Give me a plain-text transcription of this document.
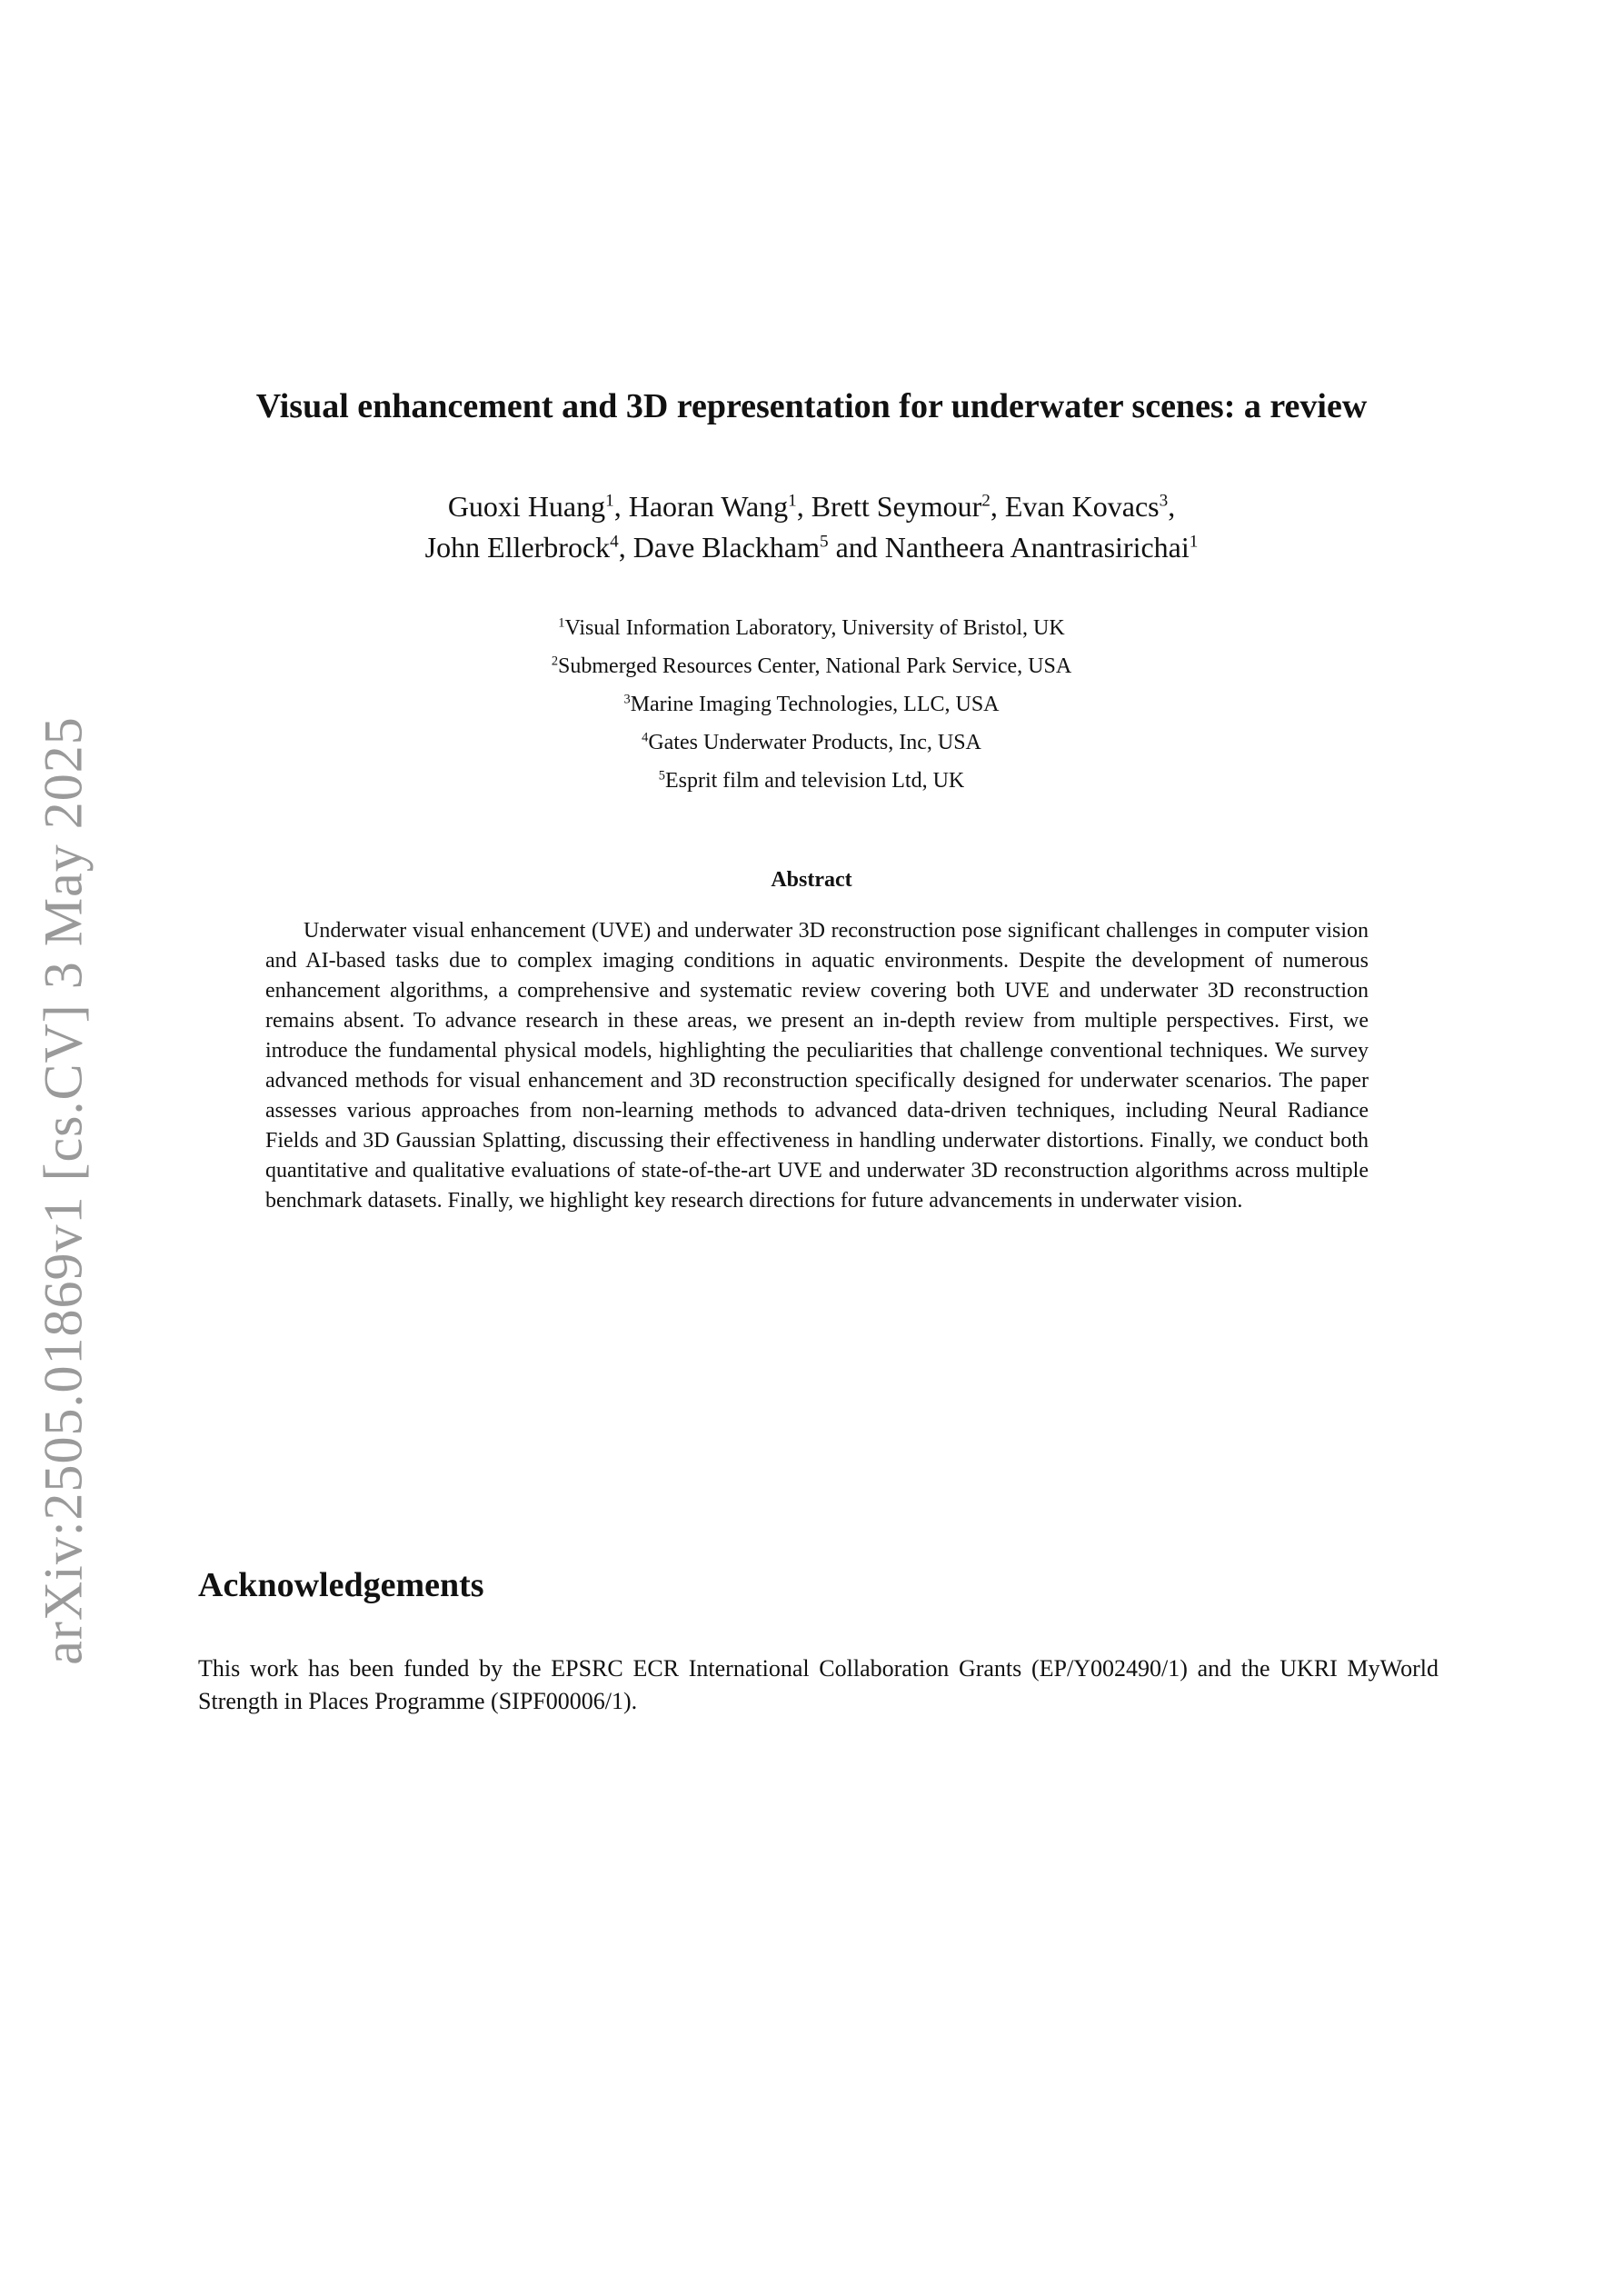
arXiv:2505.01869v1 [cs.CV] 3 May 2025
Visual enhancement and 3D representation for underwater scenes: a review
Guoxi Huang$^1$, Haoran Wang$^1$, Brett Seymour$^2$, Evan Kovacs$^3$,
John Ellerbrock$^4$, Dave Blackham$^5$ and Nantheera Anantrasirichai$^1$
$^1$Visual Information Laboratory, University of Bristol, UK
$^2$Submerged Resources Center, National Park Service, USA
$^3$Marine Imaging Technologies, LLC, USA
$^4$Gates Underwater Products, Inc, USA
$^5$Esprit film and television Ltd, UK
Abstract

Underwater visual enhancement (UVE) and underwater 3D reconstruction pose significant challenges in computer vision and AI-based tasks due to complex imaging conditions in aquatic environments. Despite the development of numerous enhancement algorithms, a comprehensive and systematic review covering both UVE and underwater 3D reconstruction remains absent. To advance research in these areas, we present an in-depth review from multiple perspectives. First, we introduce the fundamental physical models, highlighting the peculiarities that challenge conventional techniques. We survey advanced methods for visual enhancement and 3D reconstruction specifically designed for underwater scenarios. The paper assesses various approaches from non-learning methods to advanced data-driven techniques, including Neural Radiance Fields and 3D Gaussian Splatting, discussing their effectiveness in handling underwater distortions. Finally, we conduct both quantitative and qualitative evaluations of state-of-the-art UVE and underwater 3D reconstruction algorithms across multiple benchmark datasets. Finally, we highlight key research directions for future advancements in underwater vision.

Acknowledgements

This work has been funded by the EPSRC ECR International Collaboration Grants (EP/Y002490/1) and the UKRI MyWorld Strength in Places Programme (SIPF00006/1).
